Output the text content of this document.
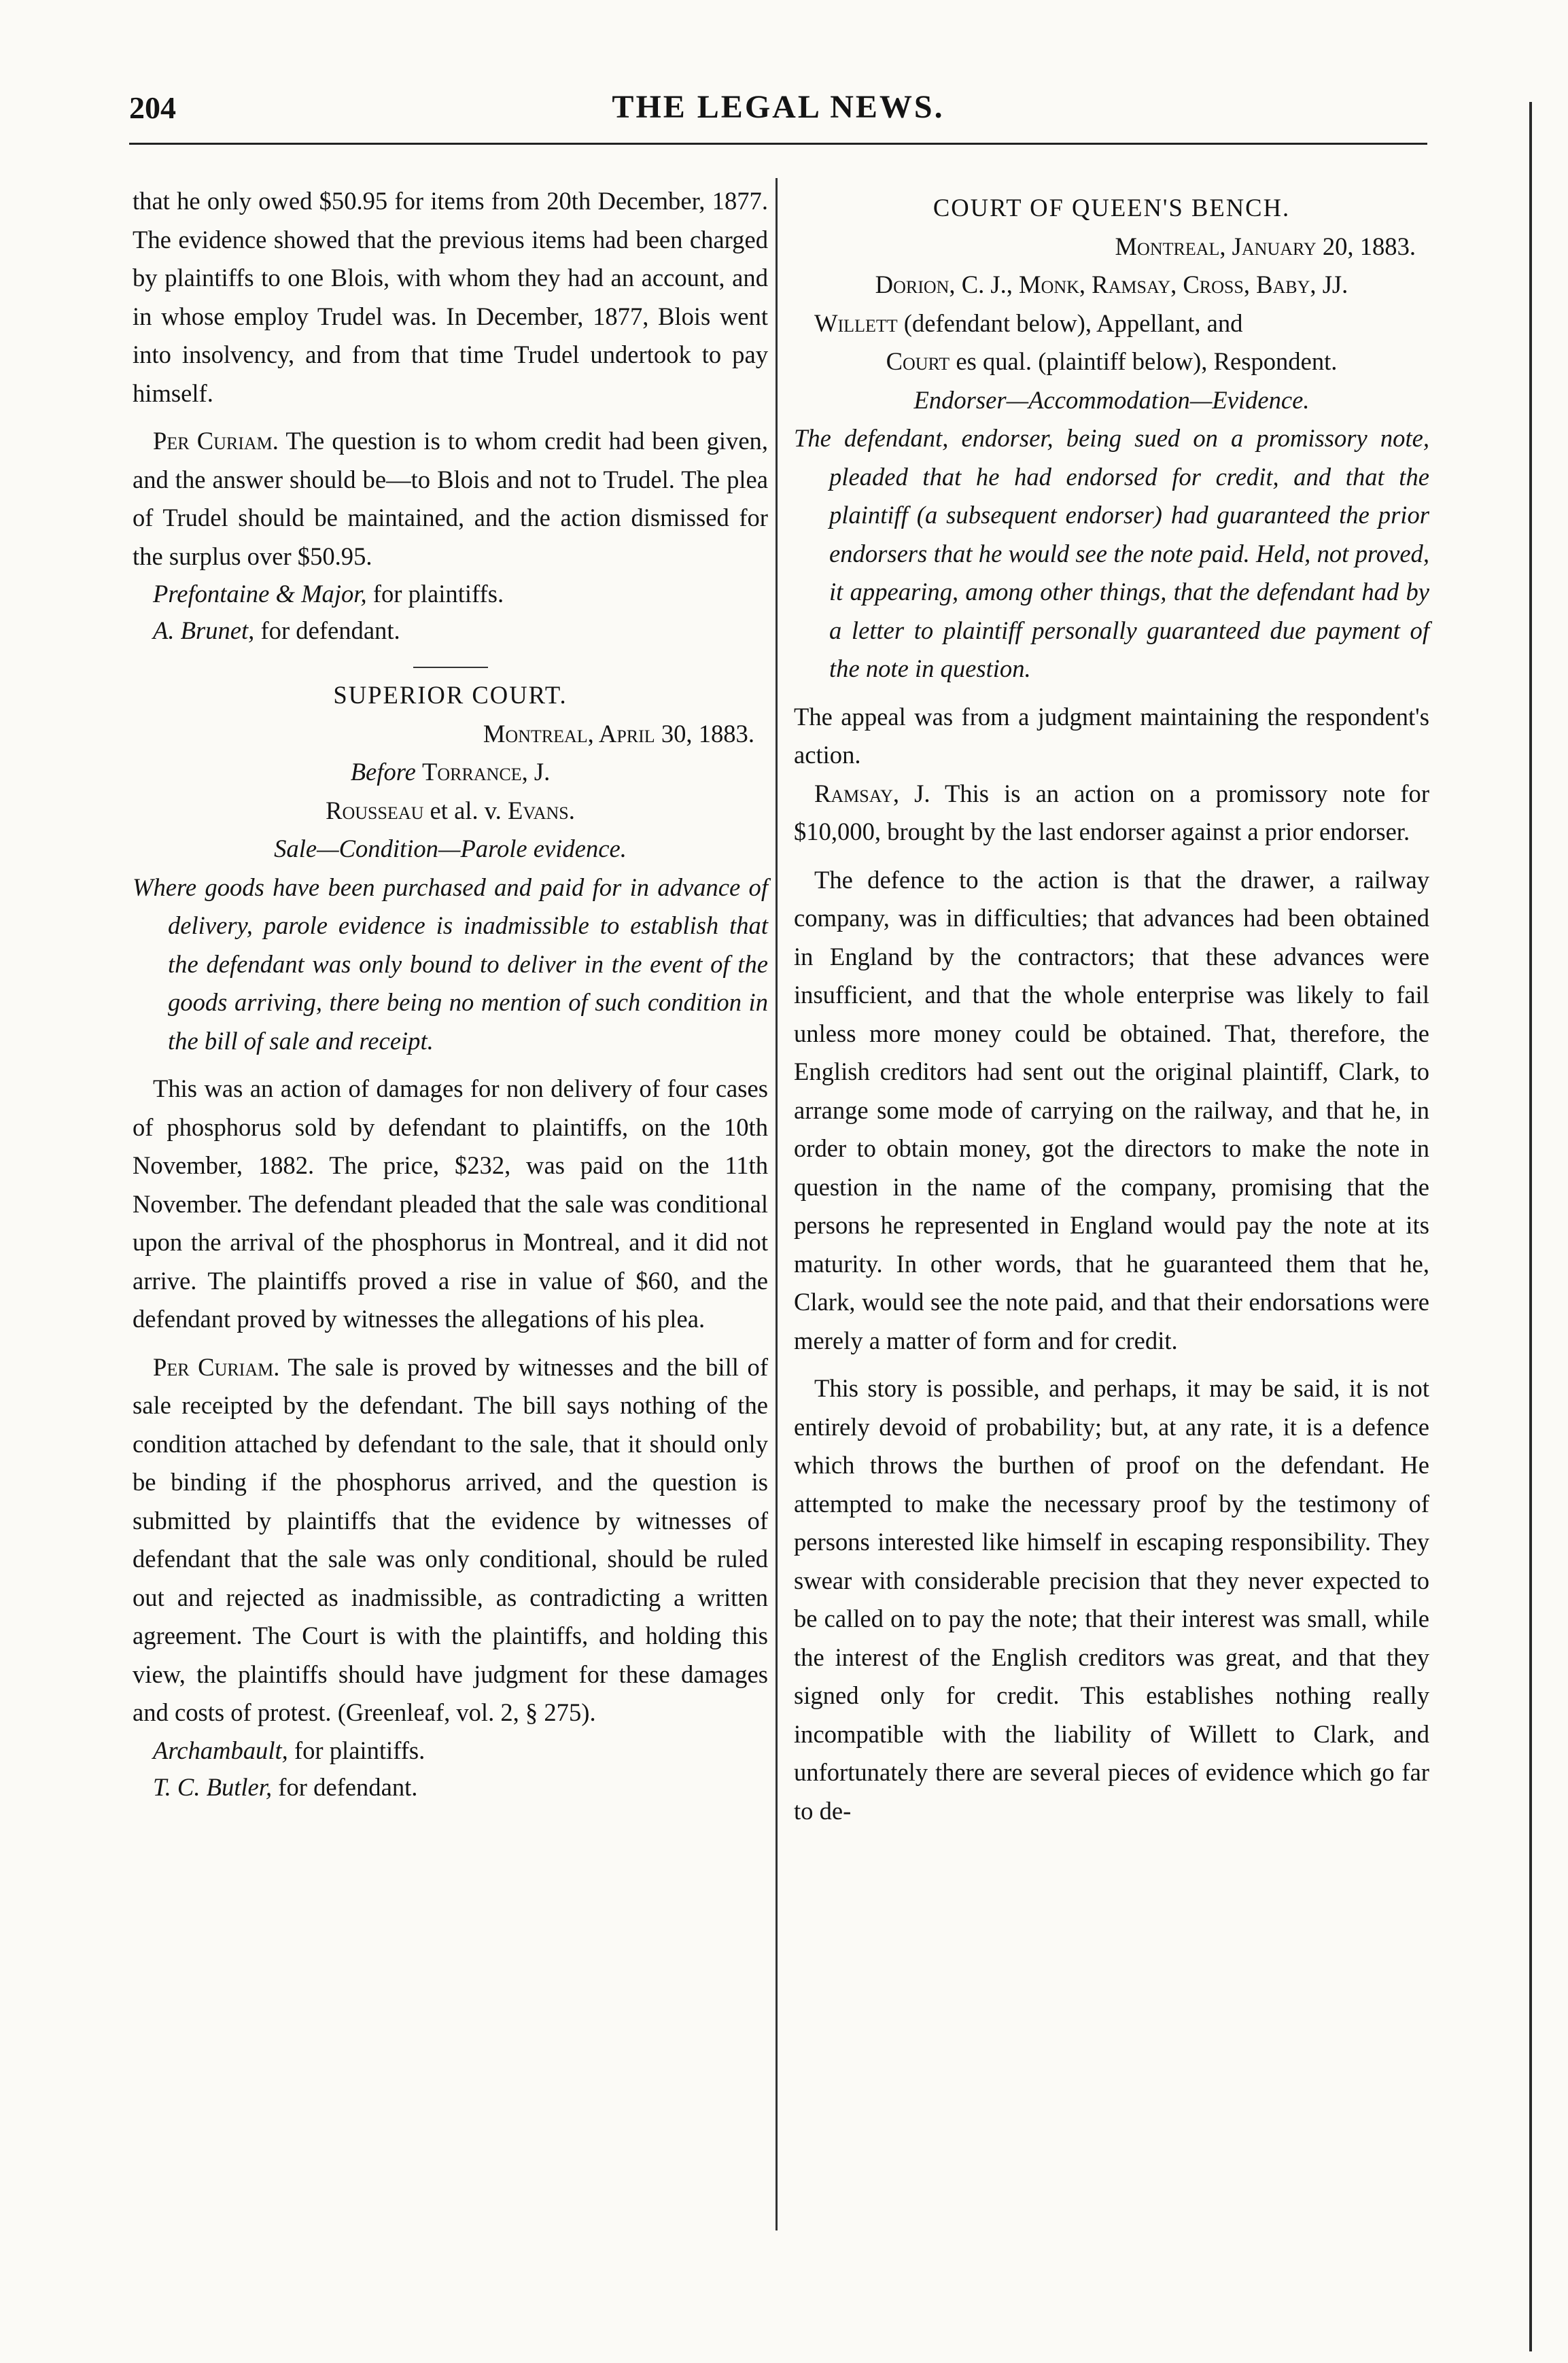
204	THE LEGAL NEWS.

that he only owed $50.95 for items from 20th December, 1877. The evidence showed that the previous items had been charged by plaintiffs to one Blois, with whom they had an account, and in whose employ Trudel was. In December, 1877, Blois went into insolvency, and from that time Trudel undertook to pay himself.

Per Curiam. The question is to whom credit had been given, and the answer should be—to Blois and not to Trudel. The plea of Trudel should be maintained, and the action dismissed for the surplus over $50.95.

Prefontaine & Major, for plaintiffs.
A. Brunet, for defendant.

SUPERIOR COURT.

Montreal, April 30, 1883.

Before Torrance, J.

Rousseau et al. v. Evans.

Sale—Condition—Parole evidence.

Where goods have been purchased and paid for in advance of delivery, parole evidence is inadmissible to establish that the defendant was only bound to deliver in the event of the goods arriving, there being no mention of such condition in the bill of sale and receipt.

This was an action of damages for non delivery of four cases of phosphorus sold by defendant to plaintiffs, on the 10th November, 1882. The price, $232, was paid on the 11th November. The defendant pleaded that the sale was conditional upon the arrival of the phosphorus in Montreal, and it did not arrive. The plaintiffs proved a rise in value of $60, and the defendant proved by witnesses the allegations of his plea.

Per Curiam. The sale is proved by witnesses and the bill of sale receipted by the defendant. The bill says nothing of the condition attached by defendant to the sale, that it should only be binding if the phosphorus arrived, and the question is submitted by plaintiffs that the evidence by witnesses of defendant that the sale was only conditional, should be ruled out and rejected as inadmissible, as contradicting a written agreement. The Court is with the plaintiffs, and holding this view, the plaintiffs should have judgment for these damages and costs of protest. (Greenleaf, vol. 2, § 275).

Archambault, for plaintiffs.
T. C. Butler, for defendant.

COURT OF QUEEN'S BENCH.

Montreal, January 20, 1883.

Dorion, C. J., Monk, Ramsay, Cross, Baby, JJ.

Willett (defendant below), Appellant, and

Court es qual. (plaintiff below), Respondent.

Endorser—Accommodation—Evidence.

The defendant, endorser, being sued on a promissory note, pleaded that he had endorsed for credit, and that the plaintiff (a subsequent endorser) had guaranteed the prior endorsers that he would see the note paid. Held, not proved, it appearing, among other things, that the defendant had by a letter to plaintiff personally guaranteed due payment of the note in question.

The appeal was from a judgment maintaining the respondent's action.

Ramsay, J. This is an action on a promissory note for $10,000, brought by the last endorser against a prior endorser.

The defence to the action is that the drawer, a railway company, was in difficulties; that advances had been obtained in England by the contractors; that these advances were insufficient, and that the whole enterprise was likely to fail unless more money could be obtained. That, therefore, the English creditors had sent out the original plaintiff, Clark, to arrange some mode of carrying on the railway, and that he, in order to obtain money, got the directors to make the note in question in the name of the company, promising that the persons he represented in England would pay the note at its maturity. In other words, that he guaranteed them that he, Clark, would see the note paid, and that their endorsations were merely a matter of form and for credit.

This story is possible, and perhaps, it may be said, it is not entirely devoid of probability; but, at any rate, it is a defence which throws the burthen of proof on the defendant. He attempted to make the necessary proof by the testimony of persons interested like himself in escaping responsibility. They swear with considerable precision that they never expected to be called on to pay the note; that their interest was small, while the interest of the English creditors was great, and that they signed only for credit. This establishes nothing really incompatible with the liability of Willett to Clark, and unfortunately there are several pieces of evidence which go far to de-
